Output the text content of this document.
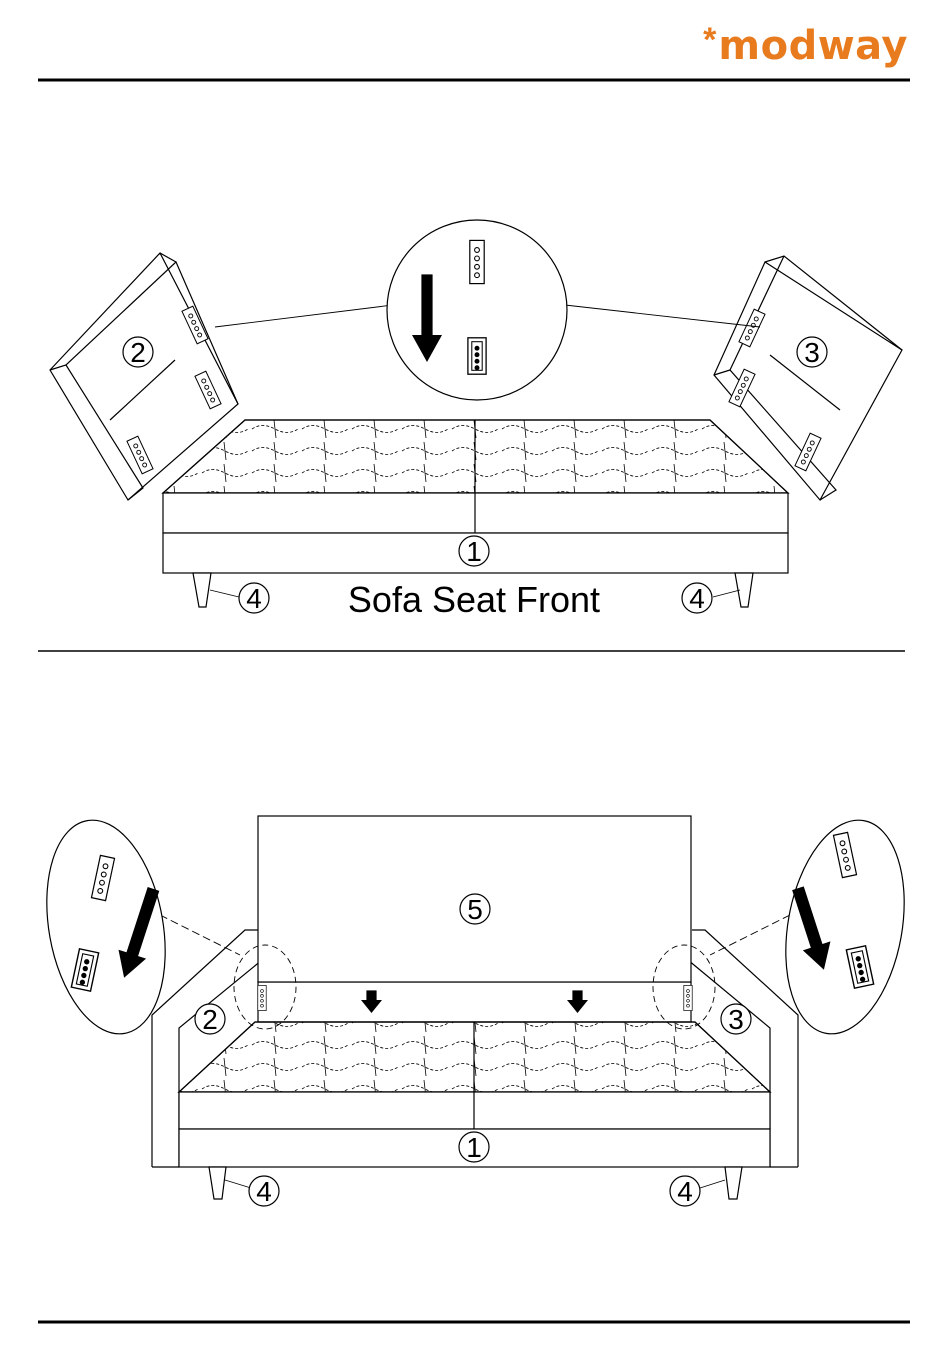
* modway
2	3
1
4	4
Sofa Seat Front
5
2	3
1
4	4
